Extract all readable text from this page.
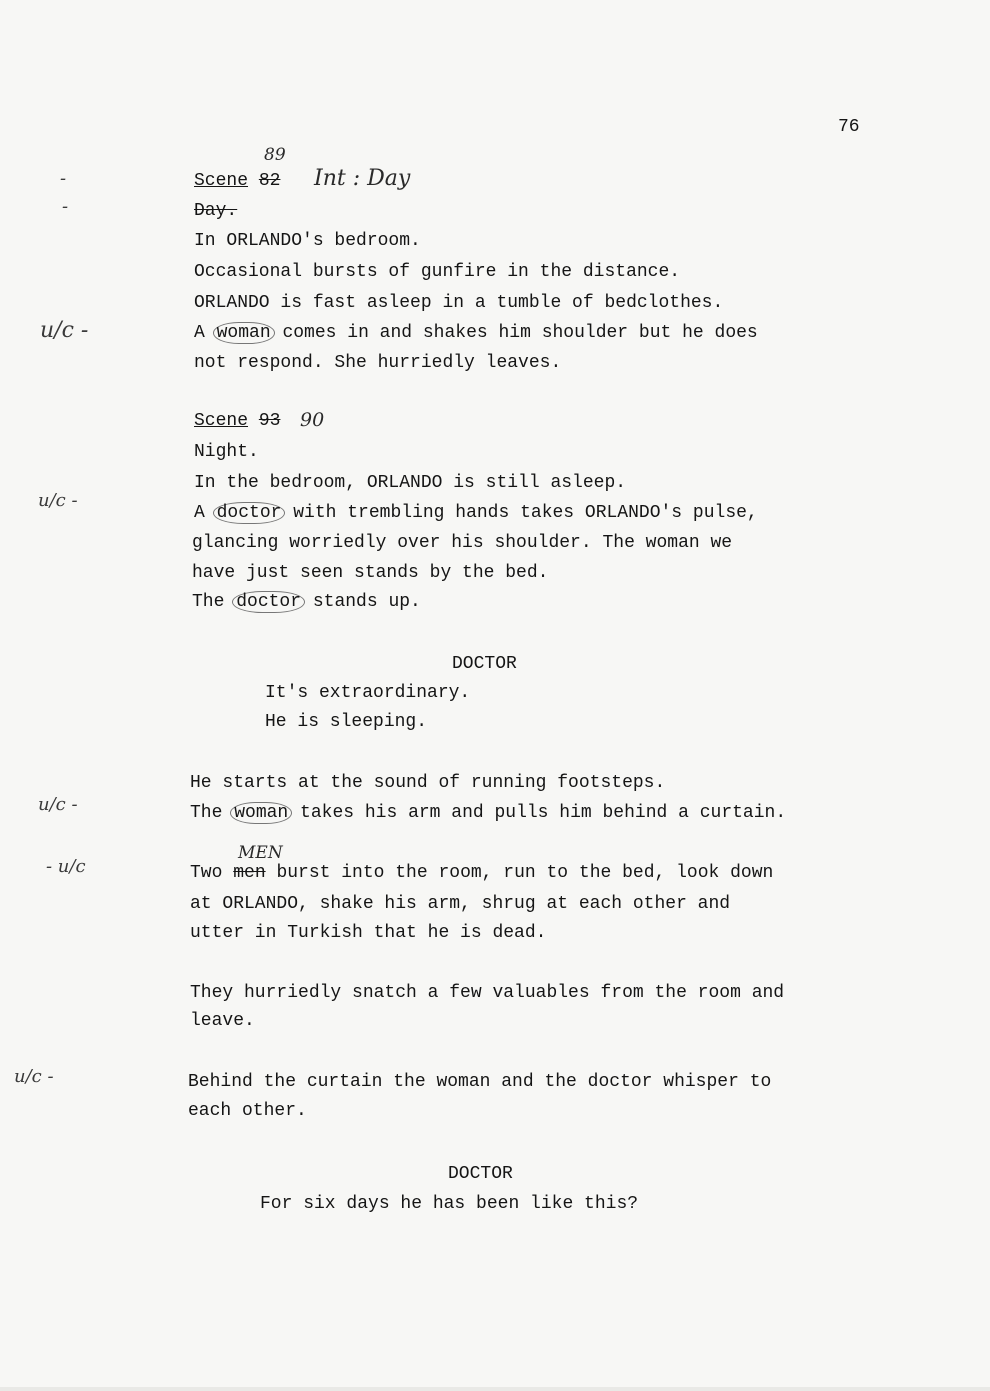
76
-
-
u/c -
u/c -
u/c -
- u/c
u/c -
89
Scene 82 Int : Day
Day.
In ORLANDO's bedroom.
Occasional bursts of gunfire in the distance.
ORLANDO is fast asleep in a tumble of bedclothes.
A woman comes in and shakes him shoulder but he does
not respond. She hurriedly leaves.
Scene 93 90
Night.
In the bedroom, ORLANDO is still asleep.
A doctor with trembling hands takes ORLANDO's pulse,
glancing worriedly over his shoulder. The woman we
have just seen stands by the bed.
The doctor stands up.
DOCTOR
It's extraordinary.
He is sleeping.
He starts at the sound of running footsteps.
The woman takes his arm and pulls him behind a curtain.
MEN
Two men burst into the room, run to the bed, look down
at ORLANDO, shake his arm, shrug at each other and
utter in Turkish that he is dead.
They hurriedly snatch a few valuables from the room and
leave.
Behind the curtain the woman and the doctor whisper to
each other.
DOCTOR
For six days he has been like this?
